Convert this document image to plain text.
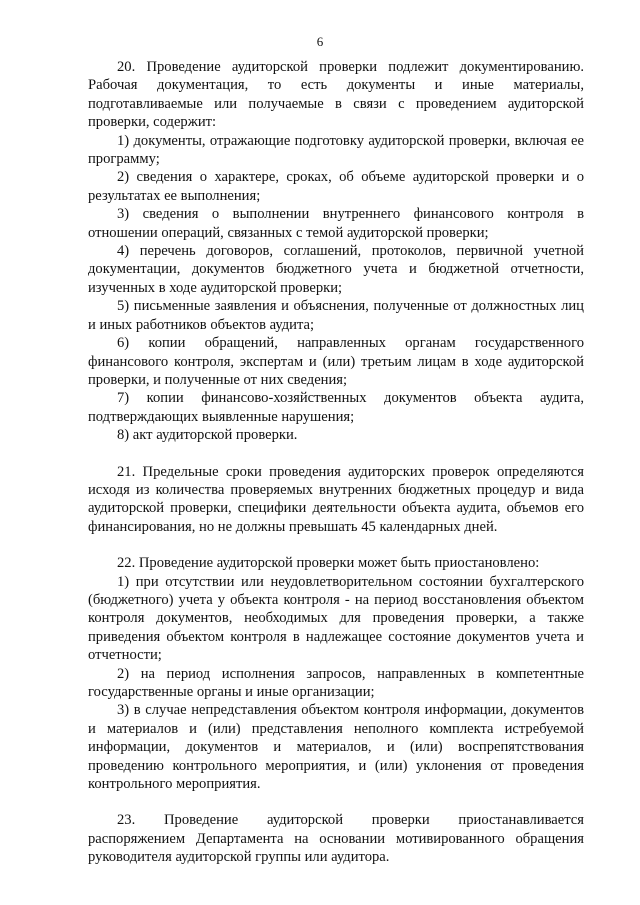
6

20. Проведение аудиторской проверки подлежит документированию. Рабочая документация, то есть документы и иные материалы, подготавливаемые или получаемые в связи с проведением аудиторской проверки, содержит:

1) документы, отражающие подготовку аудиторской проверки, включая ее программу;

2) сведения о характере, сроках, об объеме аудиторской проверки и о результатах ее выполнения;

3) сведения о выполнении внутреннего финансового контроля в отношении операций, связанных с темой аудиторской проверки;

4) перечень договоров, соглашений, протоколов, первичной учетной документации, документов бюджетного учета и бюджетной отчетности, изученных в ходе аудиторской проверки;

5) письменные заявления и объяснения, полученные от должностных лиц и иных работников объектов аудита;

6) копии обращений, направленных органам государственного финансового контроля, экспертам и (или) третьим лицам в ходе аудиторской проверки, и полученные от них сведения;

7) копии финансово-хозяйственных документов объекта аудита, подтверждающих выявленные нарушения;

8) акт аудиторской проверки.

21. Предельные сроки проведения аудиторских проверок определяются исходя из количества проверяемых внутренних бюджетных процедур и вида аудиторской проверки, специфики деятельности объекта аудита, объемов его финансирования, но не должны превышать 45 календарных дней.

22. Проведение аудиторской проверки может быть приостановлено:

1) при отсутствии или неудовлетворительном состоянии бухгалтерского (бюджетного) учета у объекта контроля - на период восстановления объектом контроля документов, необходимых для проведения проверки, а также приведения объектом контроля в надлежащее состояние документов учета и отчетности;

2) на период исполнения запросов, направленных в компетентные государственные органы и иные организации;

3) в случае непредставления объектом контроля информации, документов и материалов и (или) представления неполного комплекта истребуемой информации, документов и материалов, и (или) воспрепятствования проведению контрольного мероприятия, и (или) уклонения от проведения контрольного мероприятия.

23. Проведение аудиторской проверки приостанавливается распоряжением Департамента на основании мотивированного обращения руководителя аудиторской группы или аудитора.
